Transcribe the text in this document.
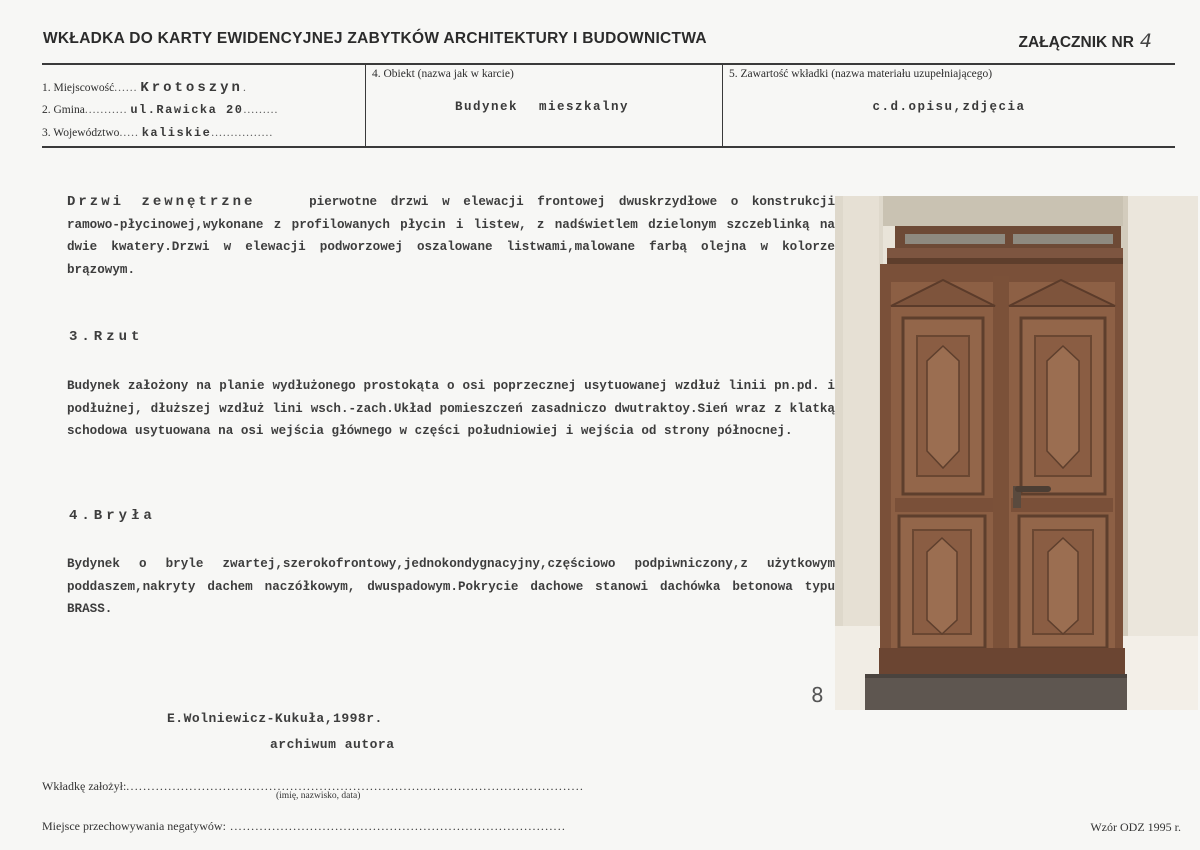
WKŁADKA DO KARTY EWIDENCYJNEJ ZABYTKÓW ARCHITEKTURY I BUDOWNICTWA	ZAŁĄCZNIK NR 4
1. Miejscowość...... Krotoszyn.
2. Gmina........... ul.Rawicka 20.........
3. Województwo..... kaliskie................
4. Obiekt (nazwa jak w karcie)
Budynek mieszkalny
5. Zawartość wkładki (nazwa materiału uzupełniającego)
c.d.opisu,zdjęcia
Drzwi zewnętrzne	pierwotne drzwi w elewacji frontowej dwuskrzydłowe o konstrukcji ramowo-płycinowej,wykonane z profilowanych płycin i listew, z nadświetlem dzielonym szczeblinką na dwie kwatery.Drzwi w elewacji podworzowej oszalowane listwami,malowane farbą olejna w kolorze brązowym.
3.Rzut
Budynek założony na planie wydłużonego prostokąta o osi poprzecznej usytuowanej wzdłuż linii pn.pd. i podłużnej, dłuższej wzdłuż lini wsch.-zach.Układ pomieszczeń zasadniczo dwutraktoy.Sień wraz z klatką schodowa usytuowana na osi wejścia głównego w części południowiej i wejścia od strony północnej.
4.Bryła
Bydynek o bryle zwartej,szerokofrontowy,jednokondygnacyjny,częściowo podpiwniczony,z użytkowym poddaszem,nakryty dachem naczółkowym, dwuspadowym.Pokrycie dachowe stanowi dachówka betonowa typu BRASS.
8
E.Wolniewicz-Kukuła,1998r.
archiwum autora
Wkładkę założył:.............................................................................................................
(imię, nazwisko, data)
Miejsce przechowywania negatywów: ................................................................................	Wzór ODZ 1995 r.
